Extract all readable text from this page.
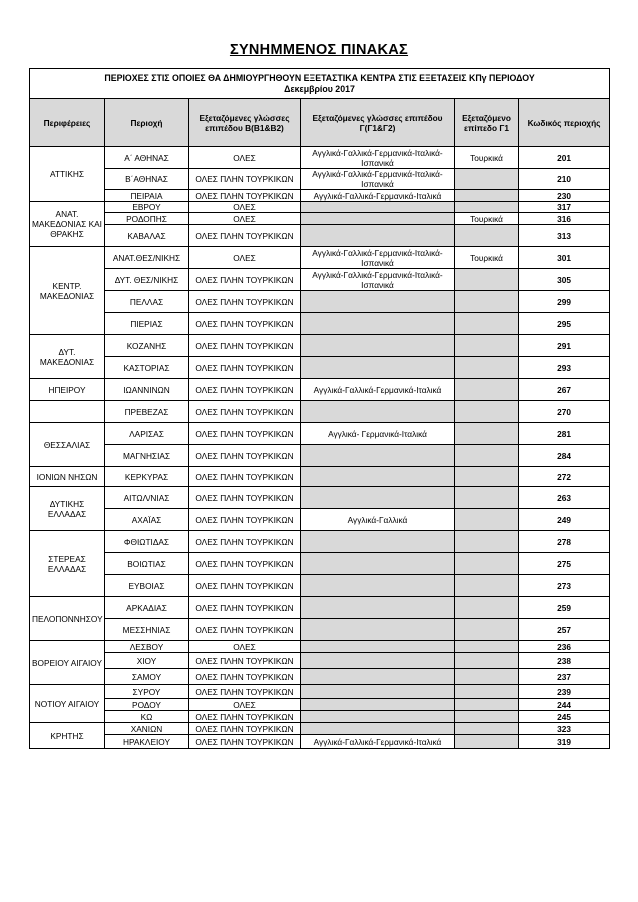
ΣΥΝΗΜΜΕΝΟΣ ΠΙΝΑΚΑΣ
ΠΕΡΙΟΧΕΣ ΣΤΙΣ ΟΠΟΙΕΣ ΘΑ ΔΗΜΙΟΥΡΓΗΘΟΥΝ ΕΞΕΤΑΣΤΙΚΑ ΚΕΝΤΡΑ ΣΤΙΣ ΕΞΕΤΑΣΕΙΣ ΚΠγ ΠΕΡΙΟΔΟΥ
Δεκεμβρίου 2017					

Περιφέρειες	Περιοχή	Εξεταζόμενες γλώσσες επιπέδου Β(Β1&Β2)	Εξεταζόμενες γλώσσες επιπέδου Γ(Γ1&Γ2)	Εξεταζόμενο επίπεδο Γ1	Κωδικός περιοχής
ΑΤΤΙΚΗΣ	Α΄ ΑΘΗΝΑΣ	ΟΛΕΣ	Αγγλικά-Γαλλικά-Γερμανικά-Ιταλικά-Ισπανικά	Τουρκικά	201
	Β΄ΑΘΗΝΑΣ	ΟΛΕΣ ΠΛΗΝ ΤΟΥΡΚΙΚΩΝ	Αγγλικά-Γαλλικά-Γερμανικά-Ιταλικά-Ισπανικά		210
	ΠΕΙΡΑΙΑ	ΟΛΕΣ ΠΛΗΝ ΤΟΥΡΚΙΚΩΝ	Αγγλικά-Γαλλικά-Γερμανικά-Ιταλικά		230
ΑΝΑΤ. ΜΑΚΕΔΟΝΙΑΣ ΚΑΙ ΘΡΑΚΗΣ	ΕΒΡΟΥ	ΟΛΕΣ			317
	ΡΟΔΟΠΗΣ	ΟΛΕΣ		Τουρκικά	316
	ΚΑΒΑΛΑΣ	ΟΛΕΣ ΠΛΗΝ ΤΟΥΡΚΙΚΩΝ			313
ΚΕΝΤΡ. ΜΑΚΕΔΟΝΙΑΣ	ΑΝΑΤ.ΘΕΣ/ΝΙΚΗΣ	ΟΛΕΣ	Αγγλικά-Γαλλικά-Γερμανικά-Ιταλικά-Ισπανικά	Τουρκικά	301
	ΔΥΤ. ΘΕΣ/ΝΙΚΗΣ	ΟΛΕΣ ΠΛΗΝ ΤΟΥΡΚΙΚΩΝ	Αγγλικά-Γαλλικά-Γερμανικά-Ιταλικά-Ισπανικά		305
	ΠΕΛΛΑΣ	ΟΛΕΣ ΠΛΗΝ ΤΟΥΡΚΙΚΩΝ			299
	ΠΙΕΡΙΑΣ	ΟΛΕΣ ΠΛΗΝ ΤΟΥΡΚΙΚΩΝ			295
ΔΥΤ. ΜΑΚΕΔΟΝΙΑΣ	ΚΟΖΑΝΗΣ	ΟΛΕΣ ΠΛΗΝ ΤΟΥΡΚΙΚΩΝ			291
	ΚΑΣΤΟΡΙΑΣ	ΟΛΕΣ ΠΛΗΝ ΤΟΥΡΚΙΚΩΝ			293
ΗΠΕΙΡΟΥ	ΙΩΑΝΝΙΝΩΝ	ΟΛΕΣ ΠΛΗΝ ΤΟΥΡΚΙΚΩΝ	Αγγλικά-Γαλλικά-Γερμανικά-Ιταλικά		267
	ΠΡΕΒΕΖΑΣ	ΟΛΕΣ ΠΛΗΝ ΤΟΥΡΚΙΚΩΝ			270
ΘΕΣΣΑΛΙΑΣ	ΛΑΡΙΣΑΣ	ΟΛΕΣ ΠΛΗΝ ΤΟΥΡΚΙΚΩΝ	Αγγλικά- Γερμανικά-Ιταλικά		281
	ΜΑΓΝΗΣΙΑΣ	ΟΛΕΣ ΠΛΗΝ ΤΟΥΡΚΙΚΩΝ			284
ΙΟΝΙΩΝ ΝΗΣΩΝ	ΚΕΡΚΥΡΑΣ	ΟΛΕΣ ΠΛΗΝ ΤΟΥΡΚΙΚΩΝ			272
ΔΥΤΙΚΗΣ ΕΛΛΑΔΑΣ	ΑΙΤΩΛ/ΝΙΑΣ	ΟΛΕΣ ΠΛΗΝ ΤΟΥΡΚΙΚΩΝ			263
	ΑΧΑΪΑΣ	ΟΛΕΣ ΠΛΗΝ ΤΟΥΡΚΙΚΩΝ	Αγγλικά-Γαλλικά		249
ΣΤΕΡΕΑΣ ΕΛΛΑΔΑΣ	ΦΘΙΩΤΙΔΑΣ	ΟΛΕΣ ΠΛΗΝ ΤΟΥΡΚΙΚΩΝ			278
	ΒΟΙΩΤΙΑΣ	ΟΛΕΣ ΠΛΗΝ ΤΟΥΡΚΙΚΩΝ			275
	ΕΥΒΟΙΑΣ	ΟΛΕΣ ΠΛΗΝ ΤΟΥΡΚΙΚΩΝ			273
ΠΕΛΟΠΟΝΝΗΣΟΥ	ΑΡΚΑΔΙΑΣ	ΟΛΕΣ ΠΛΗΝ ΤΟΥΡΚΙΚΩΝ			259
	ΜΕΣΣΗΝΙΑΣ	ΟΛΕΣ ΠΛΗΝ ΤΟΥΡΚΙΚΩΝ			257
ΒΟΡΕΙΟΥ ΑΙΓΑΙΟΥ	ΛΕΣΒΟΥ	ΟΛΕΣ			236
	ΧΙΟΥ	ΟΛΕΣ ΠΛΗΝ ΤΟΥΡΚΙΚΩΝ			238
	ΣΑΜΟΥ	ΟΛΕΣ ΠΛΗΝ ΤΟΥΡΚΙΚΩΝ			237
ΝΟΤΙΟΥ ΑΙΓΑΙΟΥ	ΣΥΡΟΥ	ΟΛΕΣ ΠΛΗΝ ΤΟΥΡΚΙΚΩΝ			239
	ΡΟΔΟΥ	ΟΛΕΣ			244
	ΚΩ	ΟΛΕΣ ΠΛΗΝ ΤΟΥΡΚΙΚΩΝ			245
ΚΡΗΤΗΣ	ΧΑΝΙΩΝ	ΟΛΕΣ ΠΛΗΝ ΤΟΥΡΚΙΚΩΝ			323
	ΗΡΑΚΛΕΙΟΥ	ΟΛΕΣ ΠΛΗΝ ΤΟΥΡΚΙΚΩΝ	Αγγλικά-Γαλλικά-Γερμανικά-Ιταλικά		319
